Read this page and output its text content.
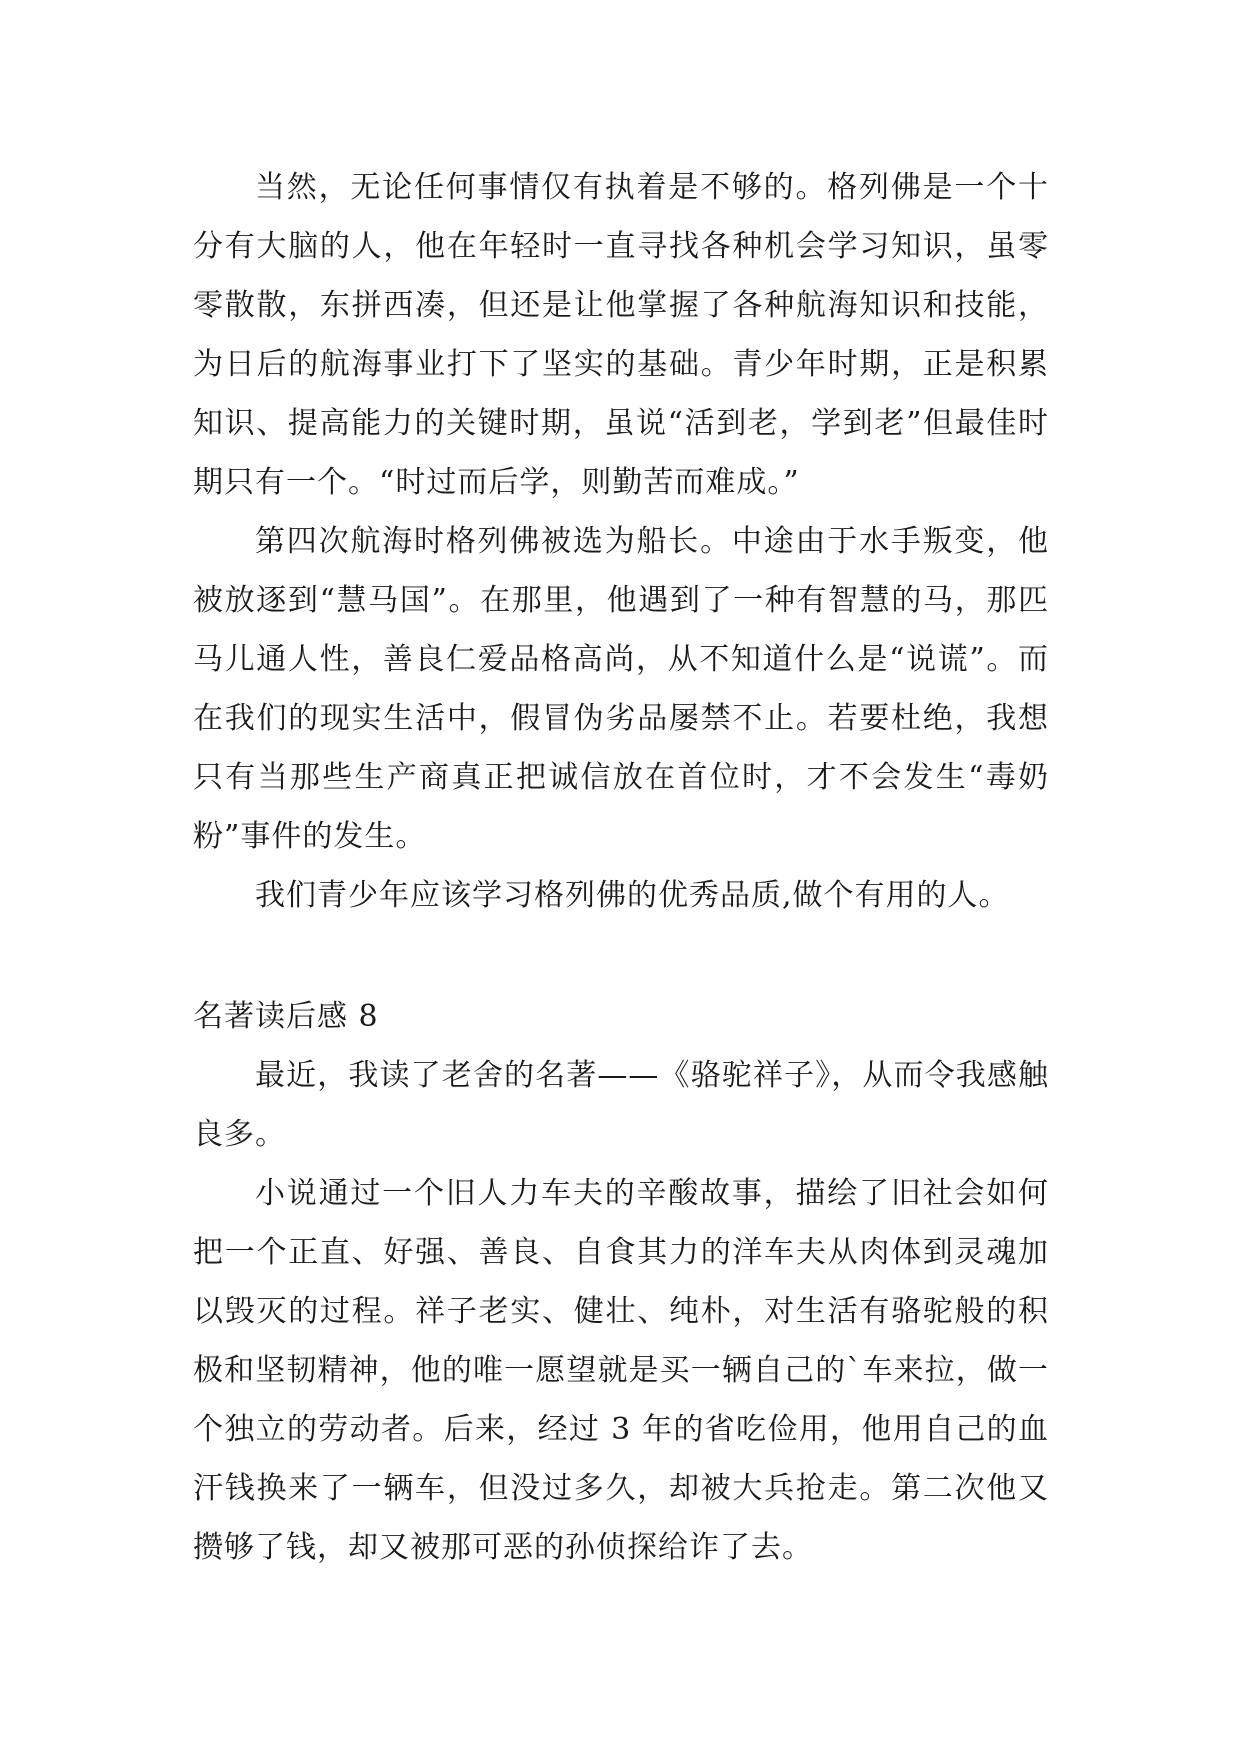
当然，无论任何事情仅有执着是不够的。格列佛是一个十分有大脑的人，他在年轻时一直寻找各种机会学习知识，虽零零散散，东拼西凑，但还是让他掌握了各种航海知识和技能，为日后的航海事业打下了坚实的基础。青少年时期，正是积累知识、提高能力的关键时期，虽说“活到老，学到老”但最佳时期只有一个。“时过而后学，则勤苦而难成。”

第四次航海时格列佛被选为船长。中途由于水手叛变，他被放逐到“慧马国”。在那里，他遇到了一种有智慧的马，那匹马儿通人性，善良仁爱品格高尚，从不知道什么是“说谎”。而在我们的现实生活中，假冒伪劣品屡禁不止。若要杜绝，我想只有当那些生产商真正把诚信放在首位时，才不会发生“毒奶粉”事件的发生。

我们青少年应该学习格列佛的优秀品质,做个有用的人。

名著读后感 8

最近，我读了老舍的名著——《骆驼祥子》，从而令我感触良多。

小说通过一个旧人力车夫的辛酸故事，描绘了旧社会如何把一个正直、好强、善良、自食其力的洋车夫从肉体到灵魂加以毁灭的过程。祥子老实、健壮、纯朴，对生活有骆驼般的积极和坚韧精神，他的唯一愿望就是买一辆自己的`车来拉，做一个独立的劳动者。后来，经过 3 年的省吃俭用，他用自己的血汗钱换来了一辆车，但没过多久，却被大兵抢走。第二次他又攒够了钱，却又被那可恶的孙侦探给诈了去。
